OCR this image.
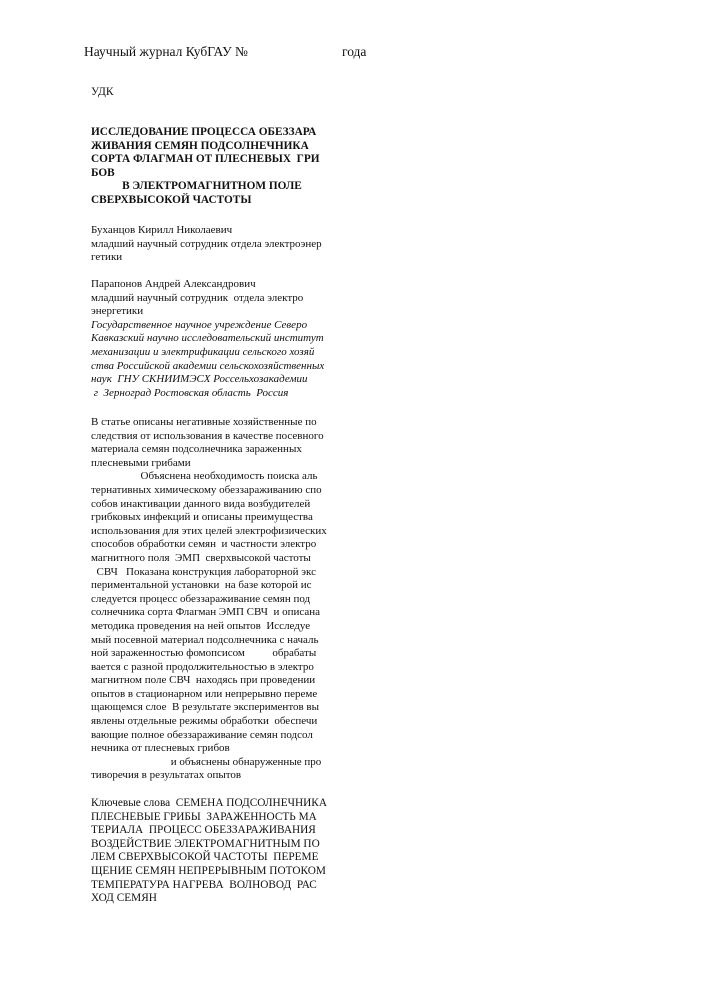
Научный журнал КубГАУ №	года
УДК
ИССЛЕДОВАНИЕ ПРОЦЕССА ОБЕЗЗАРА
ЖИВАНИЯ СЕМЯН ПОДСОЛНЕЧНИКА
СОРТА ФЛАГМАН ОТ ПЛЕСНЕВЫХ  ГРИ
БОВ
В ЭЛЕКТРОМАГНИТНОМ ПОЛЕ
СВЕРХВЫСОКОЙ ЧАСТОТЫ
Буханцов Кирилл Николаевич
младший научный сотрудник отдела электроэнер
гетики
Парапонов Андрей Александрович
младший научный сотрудник  отдела электро
энергетики
Государственное научное учреждение Северо
Кавказский научно исследовательский институт
механизации и электрификации сельского хозяй
ства Российской академии сельскохозяйственных
наук  ГНУ СКНИИМЭСХ Россельхозакадемии
г  Зерноград Ростовская область  Россия
В статье описаны негативные хозяйственные по
следствия от использования в качестве посевного
материала семян подсолнечника зараженных
плесневыми грибами
Объяснена необходимость поиска аль
тернативных химическому обеззараживанию спо
собов инактивации данного вида возбудителей
грибковых инфекций и описаны преимущества
использования для этих целей электрофизических
способов обработки семян  и частности электро
магнитного поля  ЭМП  сверхвысокой частоты
СВЧ   Показана конструкция лабораторной экс
периментальной установки  на базе которой ис
следуется процесс обеззараживание семян под
солнечника сорта Флагман ЭМП СВЧ  и описана
методика проведения на ней опытов  Исследуе
мый посевной материал подсолнечника с началь
ной зараженностью фомопсисом          обрабаты
вается с разной продолжительностью в электро
магнитном поле СВЧ  находясь при проведении
опытов в стационарном или непрерывно переме
щающемся слое  В результате экспериментов вы
явлены отдельные режимы обработки  обеспечи
вающие полное обеззараживание семян подсол
нечника от плесневых грибов
и объяснены обнаруженные про
тиворечия в результатах опытов
Ключевые слова  СЕМЕНА ПОДСОЛНЕЧНИКА
ПЛЕСНЕВЫЕ ГРИБЫ  ЗАРАЖЕННОСТЬ МА
ТЕРИАЛА  ПРОЦЕСС ОБЕЗЗАРАЖИВАНИЯ
ВОЗДЕЙСТВИЕ ЭЛЕКТРОМАГНИТНЫМ ПО
ЛЕМ СВЕРХВЫСОКОЙ ЧАСТОТЫ  ПЕРЕМЕ
ЩЕНИЕ СЕМЯН НЕПРЕРЫВНЫМ ПОТОКОМ
ТЕМПЕРАТУРА НАГРЕВА  ВОЛНОВОД  РАС
ХОД СЕМЯН
